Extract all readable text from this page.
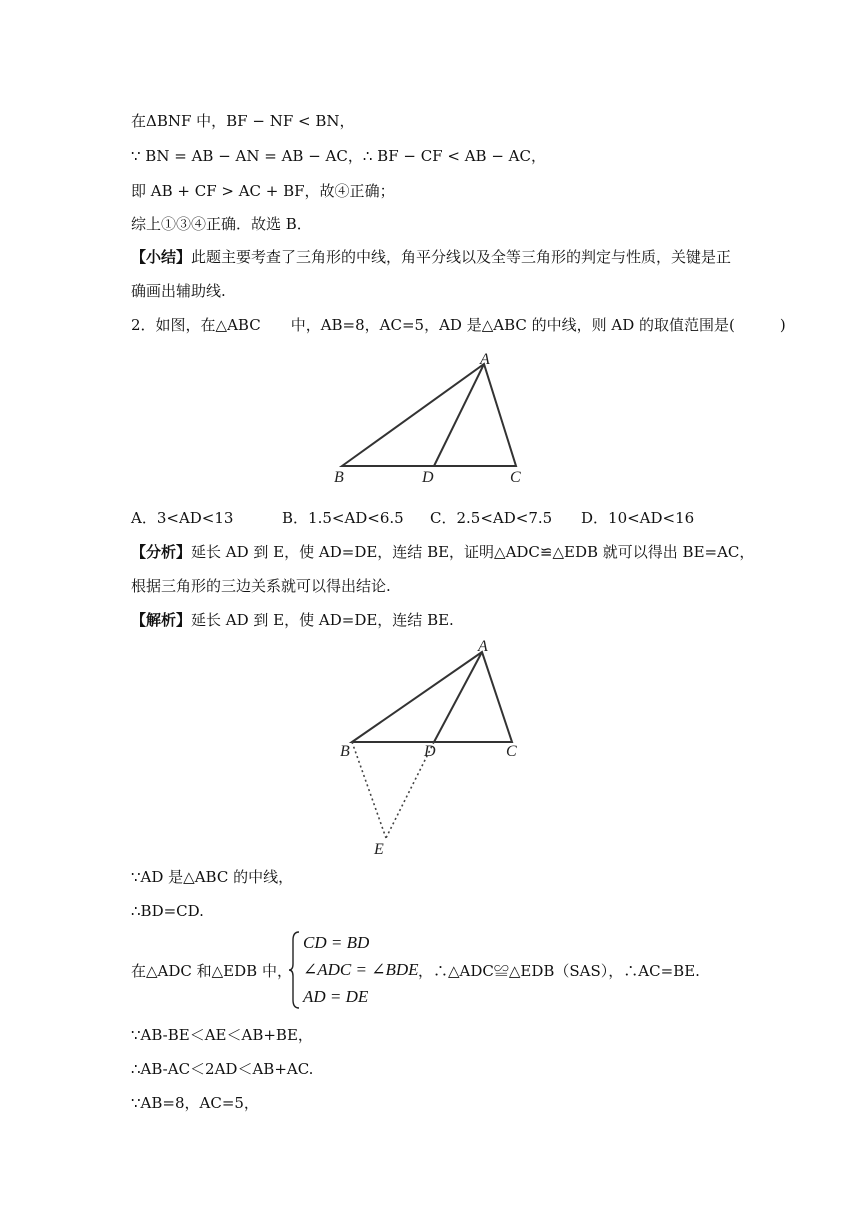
在ΔBNF 中，BF − NF < BN，
∵ BN = AB − AN = AB − AC，∴ BF − CF < AB − AC，
即 AB + CF > AC + BF，故④正确；
综上①③④正确．故选 B．
【小结】此题主要考查了三角形的中线，角平分线以及全等三角形的判定与性质，关键是正
确画出辅助线.
2．如图，在△ABC　　中，AB=8，AC=5，AD 是△ABC 的中线，则 AD 的取值范围是(　　　)
A
B	D	C
A．3<AD<13	B．1.5<AD<6.5 C．2.5<AD<7.5 D．10<AD<16
【分析】延长 AD 到 E，使 AD=DE，连结 BE，证明△ADC≌△EDB 就可以得出 BE=AC，
根据三角形的三边关系就可以得出结论.
【解析】延长 AD 到 E，使 AD=DE，连结 BE.
A
B	D	C
E
∵AD 是△ABC 的中线，
∴BD=CD.
在△ADC 和△EDB 中，
CD = BD
∠ADC = ∠BDE
AD = DE
，∴△ADC≌△EDB（SAS），∴AC=BE.
∵AB-BE＜AE＜AB+BE，
∴AB-AC＜2AD＜AB+AC.
∵AB=8，AC=5，
